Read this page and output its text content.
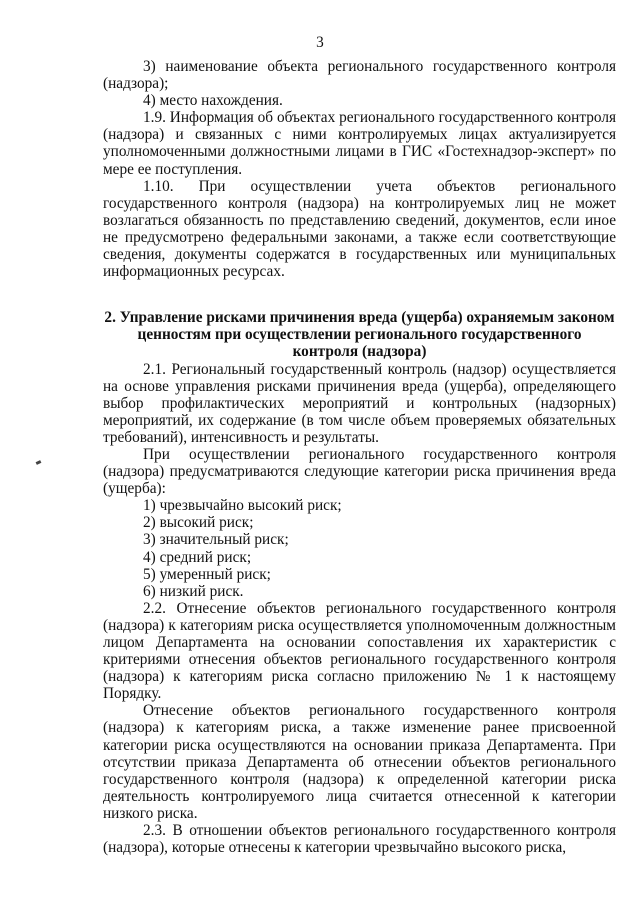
3

3) наименование объекта регионального государственного контроля (надзора);

4) место нахождения.

1.9. Информация об объектах регионального государственного контроля (надзора) и связанных с ними контролируемых лицах актуализируется уполномоченными должностными лицами в ГИС «Гостехнадзор-эксперт» по мере ее поступления.

1.10. При осуществлении учета объектов регионального государственного контроля (надзора) на контролируемых лиц не может возлагаться обязанность по представлению сведений, документов, если иное не предусмотрено федеральными законами, а также если соответствующие сведения, документы содержатся в государственных или муниципальных информационных ресурсах.

2. Управление рисками причинения вреда (ущерба) охраняемым законом ценностям при осуществлении регионального государственного контроля (надзора)

2.1. Региональный государственный контроль (надзор) осуществляется на основе управления рисками причинения вреда (ущерба), определяющего выбор профилактических мероприятий и контрольных (надзорных) мероприятий, их содержание (в том числе объем проверяемых обязательных требований), интенсивность и результаты.

При осуществлении регионального государственного контроля (надзора) предусматриваются следующие категории риска причинения вреда (ущерба):

1) чрезвычайно высокий риск;

2) высокий риск;

3) значительный риск;

4) средний риск;

5) умеренный риск;

6) низкий риск.

2.2. Отнесение объектов регионального государственного контроля (надзора) к категориям риска осуществляется уполномоченным должностным лицом Департамента на основании сопоставления их характеристик с критериями отнесения объектов регионального государственного контроля (надзора) к категориям риска согласно приложению № 1 к настоящему Порядку.

Отнесение объектов регионального государственного контроля (надзора) к категориям риска, а также изменение ранее присвоенной категории риска осуществляются на основании приказа Департамента. При отсутствии приказа Департамента об отнесении объектов регионального государственного контроля (надзора) к определенной категории риска деятельность контролируемого лица считается отнесенной к категории низкого риска.

2.3. В отношении объектов регионального государственного контроля (надзора), которые отнесены к категории чрезвычайно высокого риска,
